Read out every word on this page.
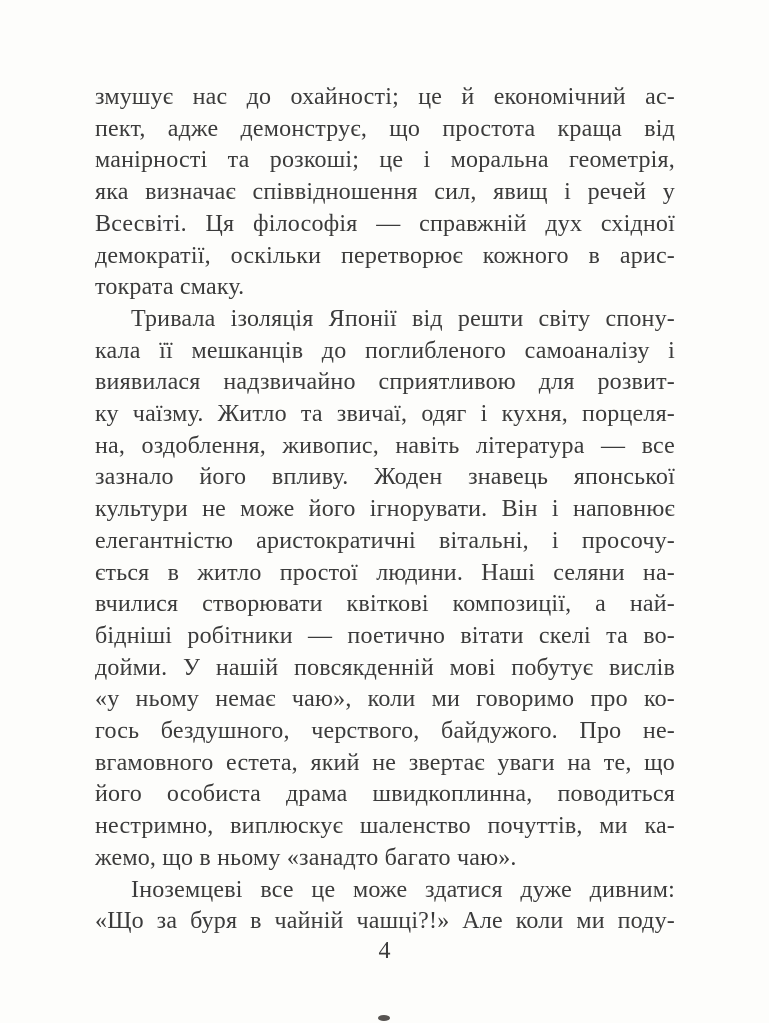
змушує нас до охайності; це й економічний ас-
пект, адже демонструє, що простота краща від
манірності та розкоші; це і моральна геометрія,
яка визначає співвідношення сил, явищ і речей у
Всесвіті. Ця філософія — справжній дух східної
демократії, оскільки перетворює кожного в арис-
тократа смаку.
Тривала ізоляція Японії від решти світу спону-
кала її мешканців до поглибленого самоаналізу і
виявилася надзвичайно сприятливою для розвит-
ку чаїзму. Житло та звичаї, одяг і кухня, порцеля-
на, оздоблення, живопис, навіть література — все
зазнало його впливу. Жоден знавець японської
культури не може його ігнорувати. Він і наповнює
елегантністю аристократичні вітальні, і просочу-
ється в житло простої людини. Наші селяни на-
вчилися створювати квіткові композиції, а най-
бідніші робітники — поетично вітати скелі та во-
дойми. У нашій повсякденній мові побутує вислів
«у ньому немає чаю», коли ми говоримо про ко-
гось бездушного, черствого, байдужого. Про не-
вгамовного естета, який не звертає уваги на те, що
його особиста драма швидкоплинна, поводиться
нестримно, виплюскує шаленство почуттів, ми ка-
жемо, що в ньому «занадто багато чаю».
Іноземцеві все це може здатися дуже дивним:
«Що за буря в чайній чашці?!» Але коли ми поду-
4
